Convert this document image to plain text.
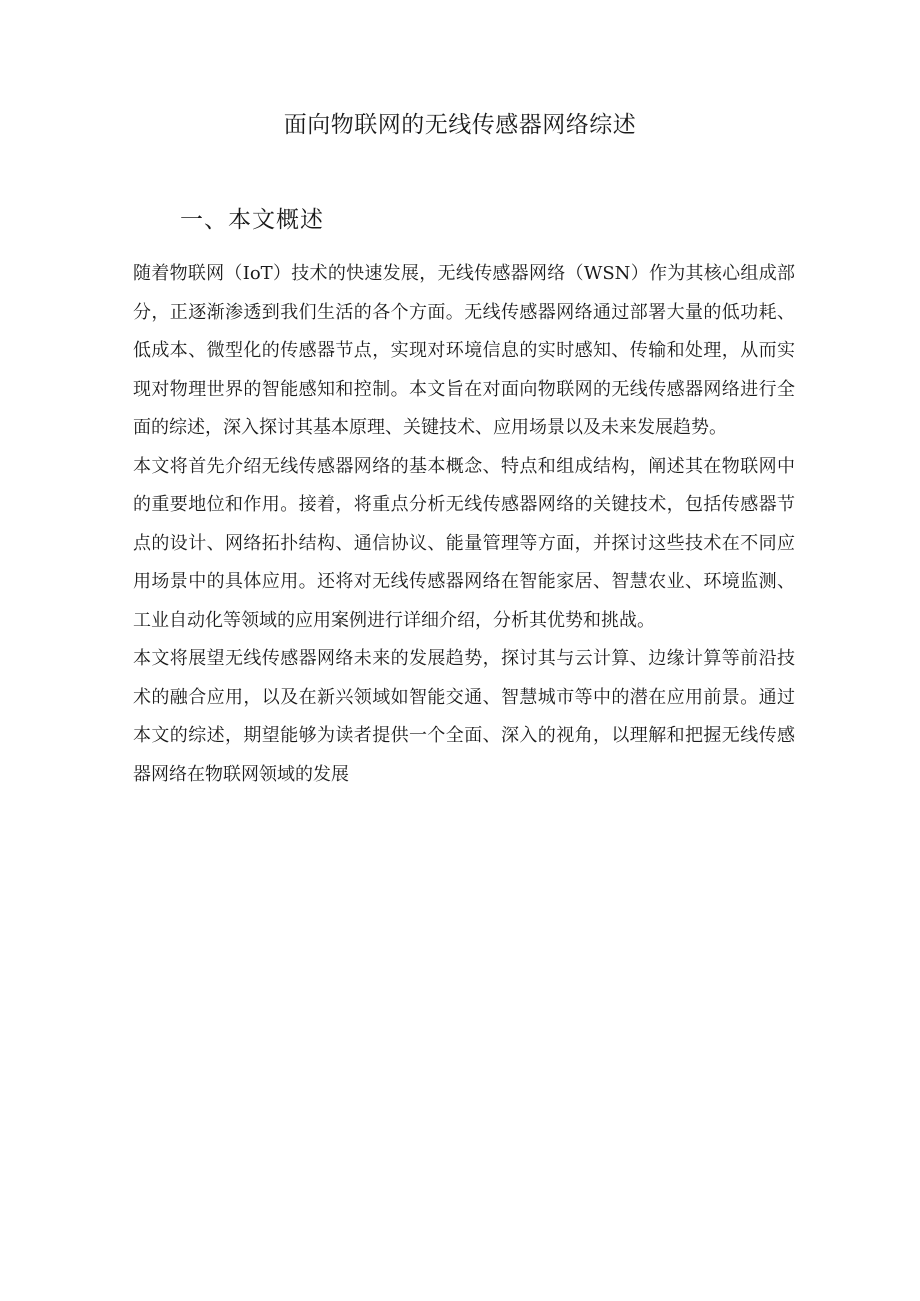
面向物联网的无线传感器网络综述
一、本文概述

随着物联网（IoT）技术的快速发展，无线传感器网络（WSN）作为其核心组成部分，正逐渐渗透到我们生活的各个方面。无线传感器网络通过部署大量的低功耗、低成本、微型化的传感器节点，实现对环境信息的实时感知、传输和处理，从而实现对物理世界的智能感知和控制。本文旨在对面向物联网的无线传感器网络进行全面的综述，深入探讨其基本原理、关键技术、应用场景以及未来发展趋势。

本文将首先介绍无线传感器网络的基本概念、特点和组成结构，阐述其在物联网中的重要地位和作用。接着，将重点分析无线传感器网络的关键技术，包括传感器节点的设计、网络拓扑结构、通信协议、能量管理等方面，并探讨这些技术在不同应用场景中的具体应用。还将对无线传感器网络在智能家居、智慧农业、环境监测、工业自动化等领域的应用案例进行详细介绍，分析其优势和挑战。

本文将展望无线传感器网络未来的发展趋势，探讨其与云计算、边缘计算等前沿技术的融合应用，以及在新兴领域如智能交通、智慧城市等中的潜在应用前景。通过本文的综述，期望能够为读者提供一个全面、深入的视角，以理解和把握无线传感器网络在物联网领域的发展
